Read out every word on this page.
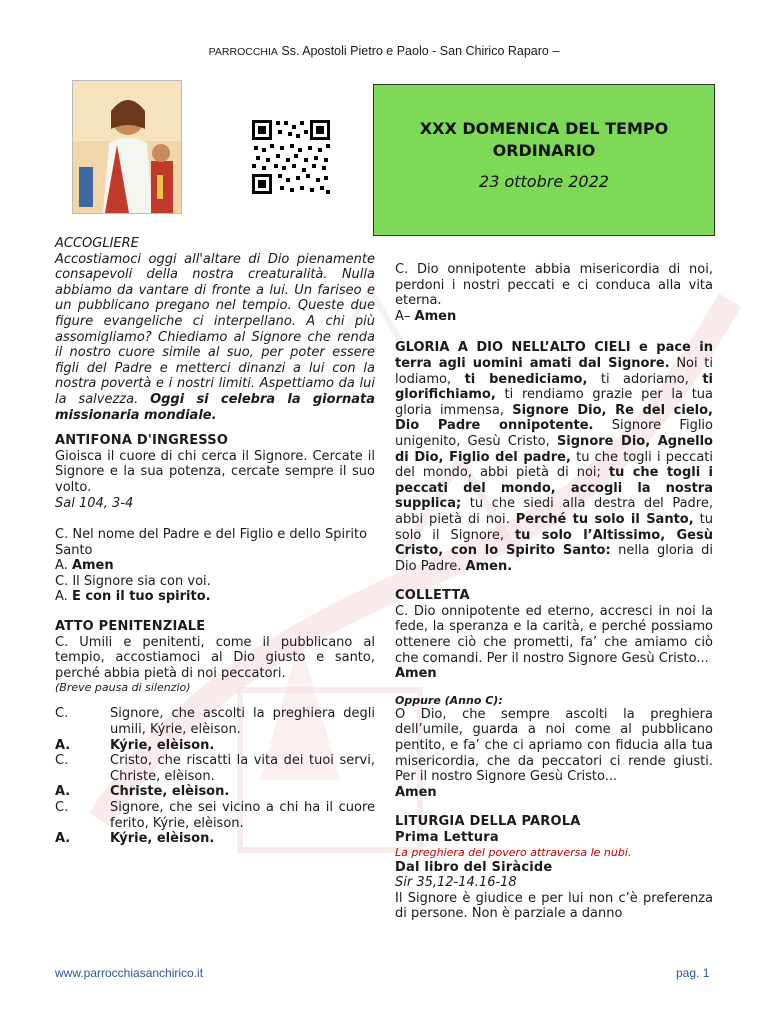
PARROCCHIA Ss. Apostoli Pietro e Paolo - San Chirico Raparo –
XXX DOMENICA DEL TEMPO
ORDINARIO
23 ottobre 2022

ACCOGLIERE

Accostiamoci oggi all'altare di Dio pienamente consapevoli della nostra creaturalità. Nulla abbiamo da vantare di fronte a lui. Un fariseo e un pubblicano pregano nel tempio. Queste due figure evangeliche ci interpellano. A chi più assomigliamo? Chiediamo al Signore che renda il nostro cuore simile al suo, per poter essere figli del Padre e metterci dinanzi a lui con la nostra povertà e i nostri limiti. Aspettiamo da lui la salvezza. Oggi si celebra la giornata missionaria mondiale.

ANTIFONA D'INGRESSO

Gioisca il cuore di chi cerca il Signore. Cercate il Signore e la sua potenza, cercate sempre il suo volto.

Sal 104, 3-4

C. Nel nome del Padre e del Figlio e dello Spirito Santo

A. Amen

C. Il Signore sia con voi.

A. E con il tuo spirito.

ATTO PENITENZIALE

C. Umili e penitenti, come il pubblicano al tempio, accostiamoci al Dio giusto e santo, perché abbia pietà di noi peccatori.

(Breve pausa di silenzio)

C.	Signore, che ascolti la preghiera degli umili, Kýrie, elèison.
A.	Kýrie, elèison.
C.	Cristo, che riscatti la vita dei tuoi servi, Christe, elèison.
A.	Christe, elèison.
C.	Signore, che sei vicino a chi ha il cuore ferito, Kýrie, elèison.
A.	Kýrie, elèison.

C. Dio onnipotente abbia misericordia di noi, perdoni i nostri peccati e ci conduca alla vita eterna.

A– Amen

GLORIA A DIO NELL’ALTO CIELI e pace in terra agli uomini amati dal Signore. Noi ti lodiamo, ti benediciamo, ti adoriamo, ti glorifichiamo, ti rendiamo grazie per la tua gloria immensa, Signore Dio, Re del cielo, Dio Padre onnipotente. Signore Figlio unigenito, Gesù Cristo, Signore Dio, Agnello di Dio, Figlio del padre, tu che togli i peccati del mondo, abbi pietà di noi; tu che togli i peccati del mondo, accogli la nostra supplica; tu che siedi alla destra del Padre, abbi pietà di noi. Perché tu solo il Santo, tu solo il Signore, tu solo l’Altissimo, Gesù Cristo, con lo Spirito Santo: nella gloria di Dio Padre. Amen.

COLLETTA

C. Dio onnipotente ed eterno, accresci in noi la fede, la speranza e la carità, e perché possiamo ottenere ciò che prometti, fa’ che amiamo ciò che comandi. Per il nostro Signore Gesù Cristo...

Amen

Oppure (Anno C):

O Dio, che sempre ascolti la preghiera dell’umile, guarda a noi come al pubblicano pentito, e fa’ che ci apriamo con fiducia alla tua misericordia, che da peccatori ci rende giusti. Per il nostro Signore Gesù Cristo...

Amen

LITURGIA DELLA PAROLA

Prima Lettura

La preghiera del povero attraversa le nubi.

Dal libro del Siràcide

Sir 35,12-14.16-18

Il Signore è giudice e per lui non c’è preferenza di persone. Non è parziale a danno

www.parrocchiasanchirico.it	pag. 1
